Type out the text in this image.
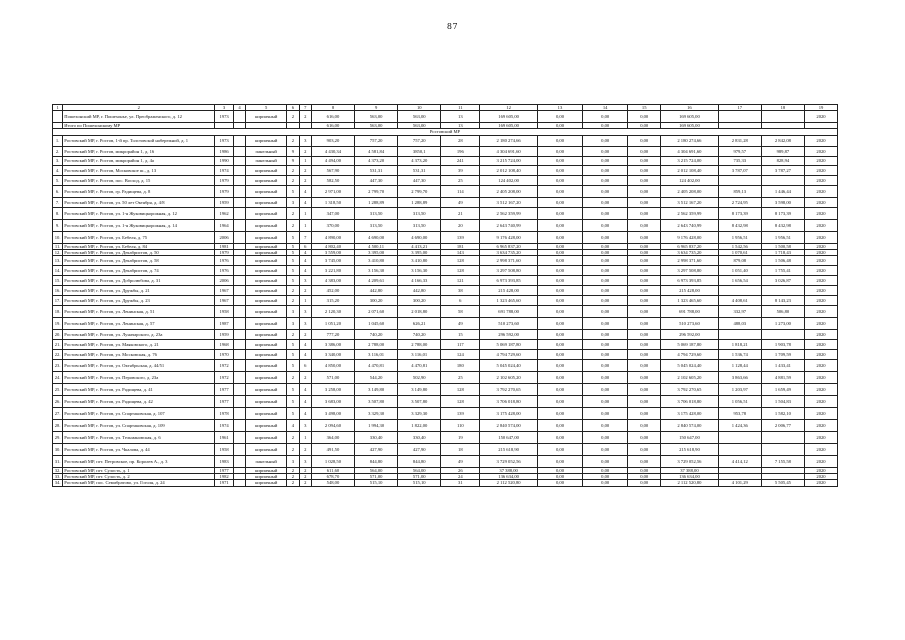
87
1	2	3	4	5	6	7	8	9	10	11	12	13	14	15	16	17	18	19
	Пошехонский МР, г. Пошехонье, ул. Преображенского, д. 12	1973		кирпичный	2	2	616,00	563,00	563,00	13	169 605,00	0,00	0,00	0,00	169 605,00			2020
	Итого по Пошехонскому МР						616,00	563,00	563,00	13	169 605,00	0,00	0,00	0,00	169 605,00			
Ростовский МР																		
1.	Ростовский МР, г. Ростов, 1-й пр. Толстовской набережной, д. 1	1973		кирпичный	2	3	903,20	757,20	757,20	28	2 180 274,66	0,00	0,00	0,00	2 180 274,66	2 831,28	2 842,08	2020
2.	Ростовский МР, г. Ростов, микрорайон 1, д. 16	1986		панельный	9	2	4 430,34	4 581,84	3850,1	196	4 304 691,60	0,00	0,00	0,00	4 304 691,60	979,57	989,87	2020
3.	Ростовский МР, г. Ростов, микрорайон 1, д. 4а	1990		панельный	9	1	4 494,00	4 373,20	4 373,20	241	3 215 724,00	0,00	0,00	0,00	3 215 724,00	735,33	828,94	2020
4.	Ростовский МР, г. Ростов, Московское ш., д. 13	1974		кирпичный	2	2	567,90	531,31	531,31	39	2 012 108,40	0,00	0,00	0,00	2 012 108,40	3 787,07	3 787,27	2020
5.	Ростовский МР, г. Ростов, пос. Восход, д. 15	1979		кирпичный	2	2	582,50	447,30	447,30	25	124 402,00	0,00	0,00	0,00	124 402,00			2020
6.	Ростовский МР, г. Ростов, гр. Радищева, д. 8	1979		кирпичный	5	4	2 971,00	2 799,70	2 799,70	114	2 405 208,00	0,00	0,00	0,00	2 405 208,00	859,13	1 446,44	2020
7.	Ростовский МР, г. Ростов, ул. 50 лет Октября, д. 4/8	1959		кирпичный	3	4	1 318,50	1 288,89	1 288,89	49	3 512 167,20	0,00	0,00	0,00	3 512 167,20	2 724,95	3 598,00	2020
8.	Ростовский МР, г. Ростов, ул. 1-я Жуковицкорожная, д. 12	1962		кирпичный	2	1	347,00	313,50	313,50	21	2 562 359,99	0,00	0,00	0,00	2 562 359,99	8 173,39	8 173,39	2020
9.	Ростовский МР, г. Ростов, ул. 1-я Жуковицкорожная, д. 14	1964		кирпичный	2	1	370,00	313,50	313,50	20	2 643 740,99	0,00	0,00	0,00	2 643 740,99	8 432,98	8 432,98	2020
10.	Ростовский МР, г. Ростов, ул. Бебеля, д. 75	2006		кирпичный	5	7	4 890,00	4 690,00	4 690,00	139	9 176 428,00	0,00	0,00	0,00	9 176 428,00	1 956,51	1 956,51	2020
11.	Ростовский МР, г. Ростов, ул. Бебеля, д. 84	1981		кирпичный	5	6	4 802,40	4 500,11	4 413,21	181	6 965 837,20	0,00	0,00	0,00	6 965 837,20	1 542,56	1 500,58	2020
12.	Ростовский МР, г. Ростов, ул. Декабристов, д. 50	1979		кирпичный	5	4	3 559,00	3 395,00	3 395,00	143	3 634 735,20	0,00	0,00	0,00	3 634 735,20	1 070,61	1 718,43	2020
13.	Ростовский МР, г. Ростов, ул. Декабристов, д. 58	1976		кирпичный	5	4	3 745,00	3 410,80	3 410,80	128	2 998 371,60	0,00	0,00	0,00	2 998 371,60	879,08	1 506,48	2020
14.	Ростовский МР, г. Ростов, ул. Декабристов, д. 74	1976		кирпичный	5	4	3 221,80	3 156,30	3 156,30	128	3 297 508,80	0,00	0,00	0,00	3 297 508,80	1 051,40	1 755,41	2020
15.	Ростовский МР, г. Ростов, ул. Добролюбова, д. 31	2006		кирпичный	5	3	4 383,00	4 209,61	4 166,33	121	6 973 393,85	0,00	0,00	0,00	6 973 393,85	1 656,54	3 026,87	2020
16.	Ростовский МР, г. Ростов, ул. Дружбы, д. 21	1967		кирпичный	2	2	452,00	442,80	442,80	38	215 428,00	0,00	0,00	0,00	215 428,00			2020
17.	Ростовский МР, г. Ростов, ул. Дружбы, д. 23	1967		кирпичный	2	1	315,20	300,20	300,20	6	1 323 465,60	0,00	0,00	0,00	1 323 465,60	4 408,61	8 143,23	2020
18.	Ростовский МР, г. Ростов, ул. Ленинская, д. 51	1958		кирпичный	3	3	2 120,30	2 071,60	2 018,80	58	691 788,00	0,00	0,00	0,00	691 788,00	332,97	506,80	2020
19.	Ростовский МР, г. Ростов, ул. Ленинская, д. 57	1987		кирпичный	3	3	1 051,20	1 045,60	626,21	49	510 273,60	0,00	0,00	0,00	510 273,60	488,03	1 273,00	2020
20.	Ростовский МР, г. Ростов, ул. Луначарского, д. 23а	1959		кирпичный	2	2	777,20	740,20	740,20	15	296 592,00	0,00	0,00	0,00	296 592,00			2020
21.	Ростовский МР, г. Ростов, ул. Маяковского, д. 21	1968		кирпичный	5	4	3 386,00	2 788,00	2 788,00	117	5 069 187,80	0,00	0,00	0,00	5 069 187,80	1 818,21	1 903,78	2020
22.	Ростовский МР, г. Ростов, ул. Московская, д. 76	1970		кирпичный	5	4	3 340,00	3 116,01	3 116,01	124	4 794 729,60	0,00	0,00	0,00	4 794 729,60	1 536,74	1 709,59	2020
23.	Ростовский МР, г. Ростов, ул. Октябрьская, д. 44/51	1972		кирпичный	5	6	4 850,00	4 470,81	4 470,81	180	5 045 024,40	0,00	0,00	0,00	5 045 024,40	1 128,44	1 433,41	2020
24.	Ростовский МР, г. Ростов, ул. Перовского, д. 23а	1972		кирпичный	2	2	571,00	544,20	502,90	25	2 102 605,20	0,00	0,00	0,00	2 102 605,20	3 863,66	4 881,59	2020
25.	Ростовский МР, г. Ростов, ул. Радищева, д. 41	1977		кирпичный	5	4	3 258,00	3 149,80	3 149,80	128	3 792 270,65	0,00	0,00	0,00	3 792 270,65	1 203,97	1 659,49	2020
26.	Ростовский МР, г. Ростов, ул. Радищева, д. 42	1977		кирпичный	5	4	3 683,00	3 507,80	3 507,80	128	3 706 018,80	0,00	0,00	0,00	3 706 018,80	1 056,51	1 504,83	2020
27.	Ростовский МР, г. Ростов, ул. Спартаковская, д. 107	1978		кирпичный	5	4	3 498,00	3 329,30	3 329,30	139	3 175 428,00	0,00	0,00	0,00	3 175 428,00	953,78	1 582,10	2020
28.	Ростовский МР, г. Ростов, ул. Спартаковская, д. 109	1974		кирпичный	4	3	2 094,60	1 994,30	1 822,00	110	2 840 574,00	0,00	0,00	0,00	2 840 574,00	1 424,36	2 006,77	2020
29.	Ростовский МР, г. Ростов, ул. Тельмановская, д. 6	1961		кирпичный	2	1	364,00	330,40	330,40	19	150 647,00	0,00	0,00	0,00	150 647,00			2020
30.	Ростовский МР, г. Ростов, ул. Чкалова, д. 44	1958		кирпичный	2	2	491,50	427,90	427,90	18	215 618,90	0,00	0,00	0,00	215 618,90			2020
31.	Ростовский МР, пгт. Петровское, пр. Королев А., д. 3	1983		панельный	3	3	1 028,50	844,80	844,80	49	3 729 052,56	0,00	0,00	0,00	3 729 052,56	4 414,12	7 155,58	2020
32.	Ростовский МР, пгт. Сулость, д. 1	1977		кирпичный	2	2	611,60	564,00	564,00	26	37 388,00	0,00	0,00	0,00	37 388,00			2020
33.	Ростовский МР, пгт. Сулость, д. 2	1982		кирпичный	2	2	678,70	571,00	571,00	24	136 634,00	0,00	0,00	0,00	136 634,00			2020
34.	Ростовский МР, пос. Семибратово, ул. Гоголя, д. 24	1971		кирпичный	2	2	548,00	515,10	515,10	31	2 112 520,80	0,00	0,00	0,00	2 112 520,80	4 101,29	5 505,45	2020
